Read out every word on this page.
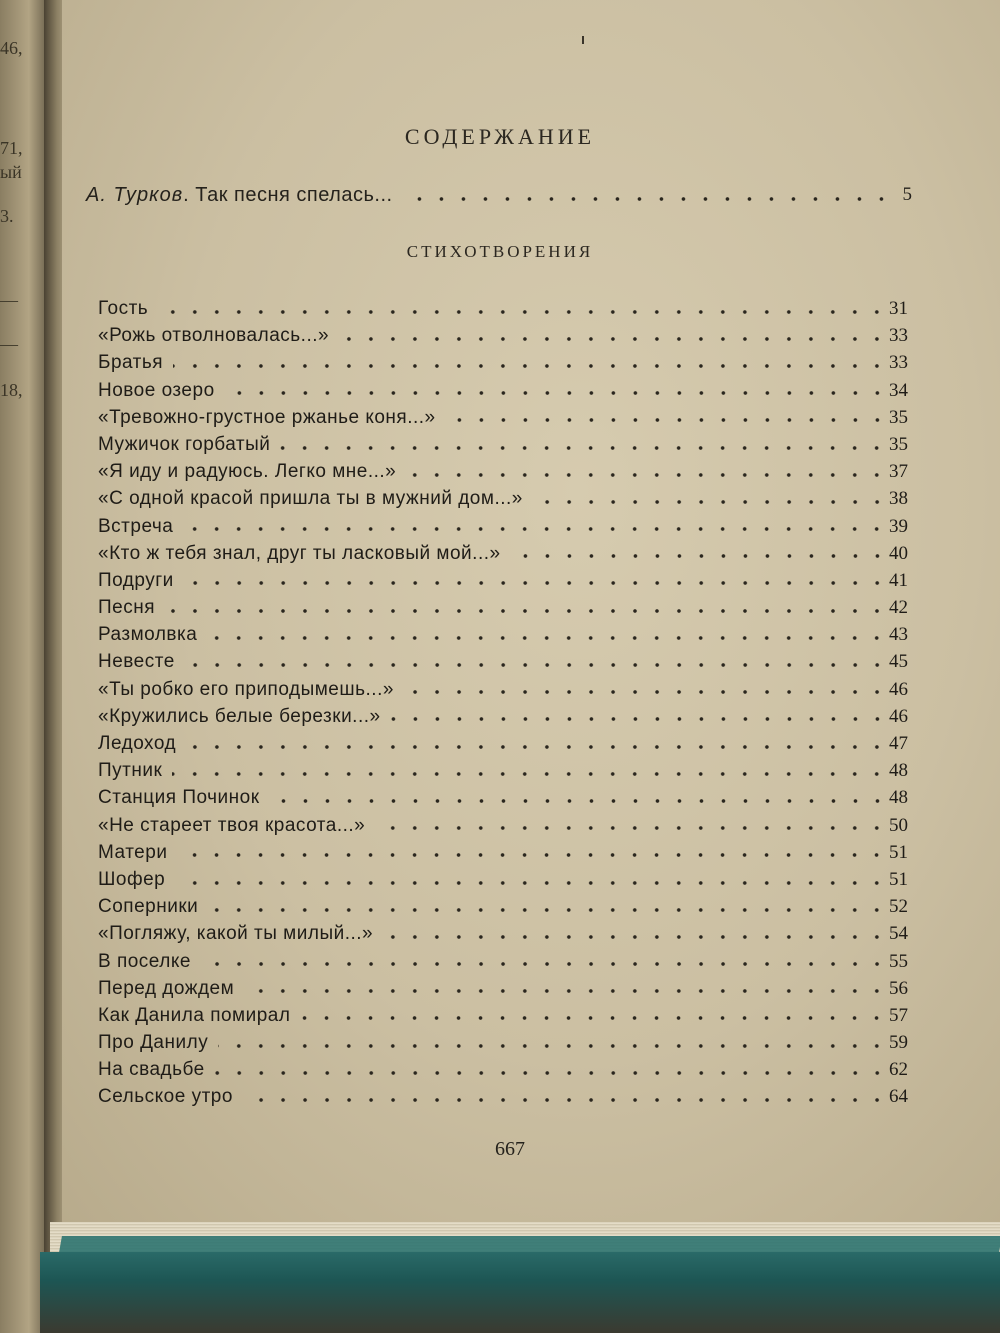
46,
71,
ый
3.
—
—
18,
СОДЕРЖАНИЕ
А. Турков. Так песня спелась...	5
СТИХОТВОРЕНИЯ
Гость	31
«Рожь отволновалась...»	33
Братья	33
Новое озеро	34
«Тревожно-грустное ржанье коня...»	35
Мужичок горбатый	35
«Я иду и радуюсь. Легко мне...»	37
«С одной красой пришла ты в мужний дом...»	38
Встреча	39
«Кто ж тебя знал, друг ты ласковый мой...»	40
Подруги	41
Песня	42
Размолвка	43
Невесте	45
«Ты робко его приподымешь...»	46
«Кружились белые березки...»	46
Ледоход	47
Путник	48
Станция Починок	48
«Не стареет твоя красота...»	50
Матери	51
Шофер	51
Соперники	52
«Погляжу, какой ты милый...»	54
В поселке	55
Перед дождем	56
Как Данила помирал	57
Про Данилу	59
На свадьбе	62
Сельское утро	64
667
